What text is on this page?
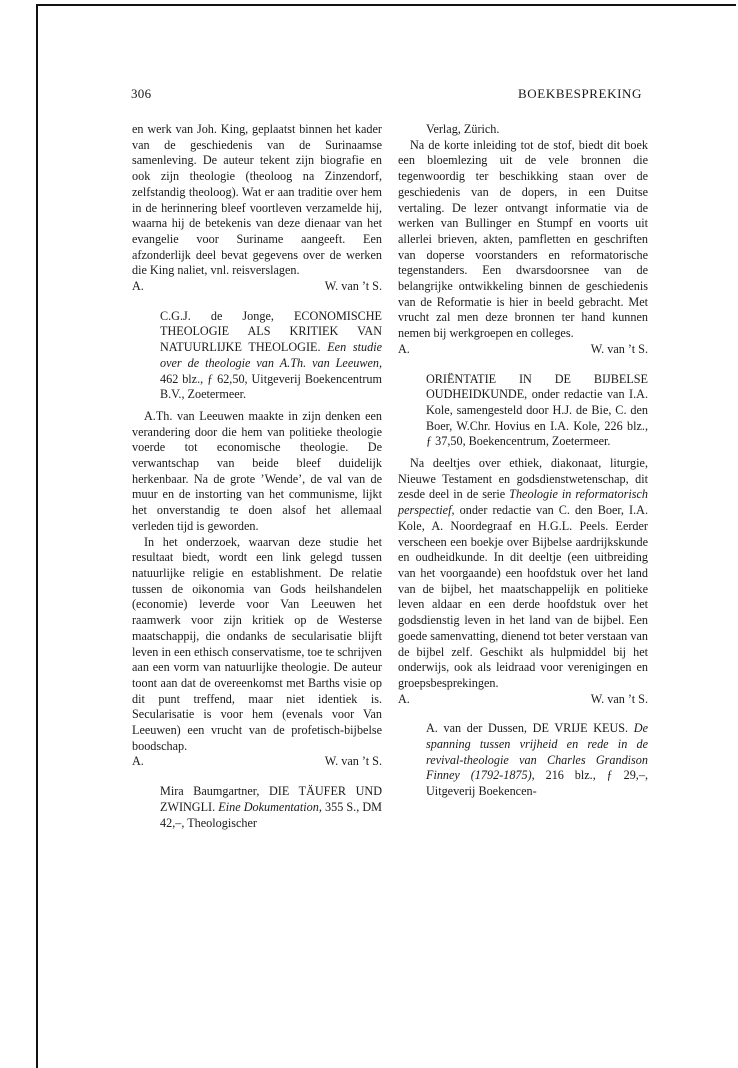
306	BOEKBESPREKING

en werk van Joh. King, geplaatst binnen het kader van de geschiedenis van de Surinaamse samenleving. De auteur tekent zijn biografie en ook zijn theologie (theoloog na Zinzendorf, zelfstandig theoloog). Wat er aan traditie over hem in de herinnering bleef voortleven verzamelde hij, waarna hij de betekenis van deze dienaar van het evangelie voor Suriname aangeeft. Een afzonderlijk deel bevat gegevens over de werken die King naliet, vnl. reisverslagen.

A.	W. van ’t S.

C.G.J. de Jonge, ECONOMISCHE THEOLOGIE ALS KRITIEK VAN NATUURLIJKE THEOLOGIE. Een studie over de theologie van A.Th. van Leeuwen, 462 blz., ƒ 62,50, Uitgeverij Boekencentrum B.V., Zoetermeer.

A.Th. van Leeuwen maakte in zijn denken een verandering door die hem van politieke theologie voerde tot economische theologie. De verwantschap van beide bleef duidelijk herkenbaar. Na de grote ’Wende’, de val van de muur en de instorting van het communisme, lijkt het onverstandig te doen alsof het allemaal verleden tijd is geworden.

In het onderzoek, waarvan deze studie het resultaat biedt, wordt een link gelegd tussen natuurlijke religie en establishment. De relatie tussen de oikonomia van Gods heilshandelen (economie) leverde voor Van Leeuwen het raamwerk voor zijn kritiek op de Westerse maatschappij, die ondanks de secularisatie blijft leven in een ethisch conservatisme, toe te schrijven aan een vorm van natuurlijke theologie. De auteur toont aan dat de overeenkomst met Barths visie op dit punt treffend, maar niet identiek is. Secularisatie is voor hem (evenals voor Van Leeuwen) een vrucht van de profetisch-bijbelse boodschap.

A.	W. van ’t S.

Mira Baumgartner, DIE TÄUFER UND ZWINGLI. Eine Dokumentation, 355 S., DM 42,–, Theologischer

Verlag, Zürich.

Na de korte inleiding tot de stof, biedt dit boek een bloemlezing uit de vele bronnen die tegenwoordig ter beschikking staan over de geschiedenis van de dopers, in een Duitse vertaling. De lezer ontvangt informatie via de werken van Bullinger en Stumpf en voorts uit allerlei brieven, akten, pamfletten en geschriften van doperse voorstanders en reformatorische tegenstanders. Een dwarsdoorsnee van de belangrijke ontwikkeling binnen de geschiedenis van de Reformatie is hier in beeld gebracht. Met vrucht zal men deze bronnen ter hand kunnen nemen bij werkgroepen en colleges.

A.	W. van ’t S.

ORIËNTATIE IN DE BIJBELSE OUDHEIDKUNDE, onder redactie van I.A. Kole, samengesteld door H.J. de Bie, C. den Boer, W.Chr. Hovius en I.A. Kole, 226 blz., ƒ 37,50, Boekencentrum, Zoetermeer.

Na deeltjes over ethiek, diakonaat, liturgie, Nieuwe Testament en godsdienstwetenschap, dit zesde deel in de serie Theologie in reformatorisch perspectief, onder redactie van C. den Boer, I.A. Kole, A. Noordegraaf en H.G.L. Peels. Eerder verscheen een boekje over Bijbelse aardrijkskunde en oudheidkunde. In dit deeltje (een uitbreiding van het voorgaande) een hoofdstuk over het land van de bijbel, het maatschappelijk en politieke leven aldaar en een derde hoofdstuk over het godsdienstig leven in het land van de bijbel. Een goede samenvatting, dienend tot beter verstaan van de bijbel zelf. Geschikt als hulpmiddel bij het onderwijs, ook als leidraad voor verenigingen en groepsbesprekingen.

A.	W. van ’t S.

A. van der Dussen, DE VRIJE KEUS. De spanning tussen vrijheid en rede in de revival-theologie van Charles Grandison Finney (1792-1875), 216 blz., ƒ 29,–, Uitgeverij Boekencen-
